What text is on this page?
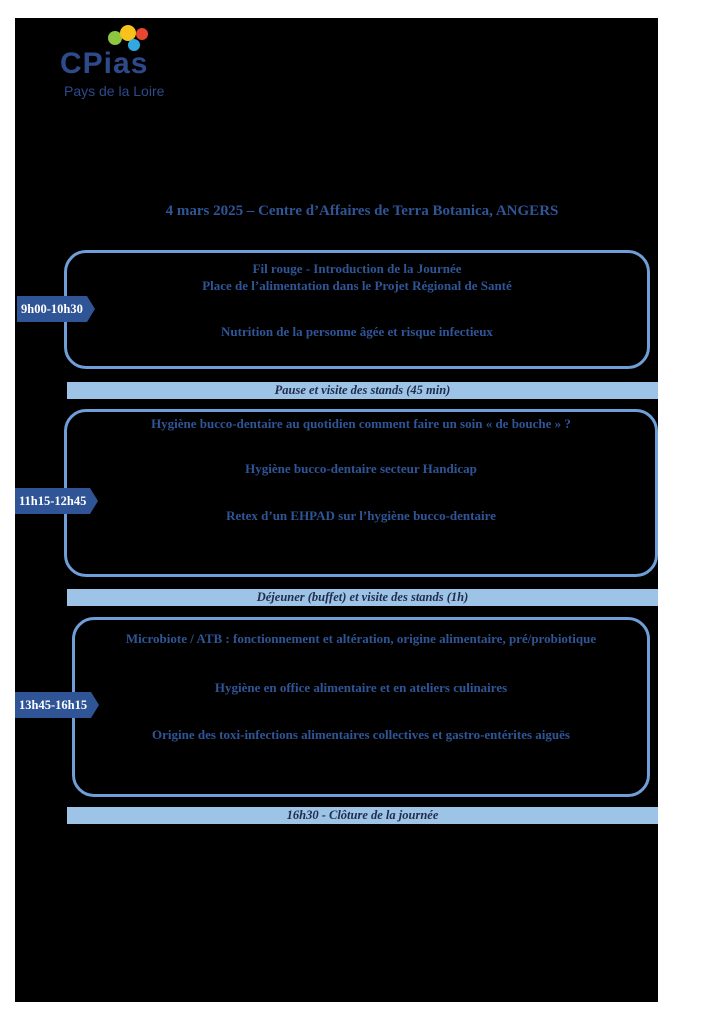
CPias
Pays de la Loire
4 mars 2025 – Centre d’Affaires de Terra Botanica, ANGERS
Fil rouge - Introduction de la Journée
Place de l’alimentation dans le Projet Régional de Santé
Nutrition de la personne âgée et risque infectieux
9h00-10h30
Pause et visite des stands (45 min)
Hygiène bucco-dentaire au quotidien comment faire un soin « de bouche » ?
Hygiène bucco-dentaire secteur Handicap
Retex d’un EHPAD sur l’hygiène bucco-dentaire
11h15-12h45
Déjeuner (buffet) et visite des stands (1h)
Microbiote / ATB : fonctionnement et altération, origine alimentaire, pré/probiotique
Hygiène en office alimentaire et en ateliers culinaires
Origine des toxi-infections alimentaires collectives et gastro-entérites aiguës
13h45-16h15
16h30 - Clôture de la journée
